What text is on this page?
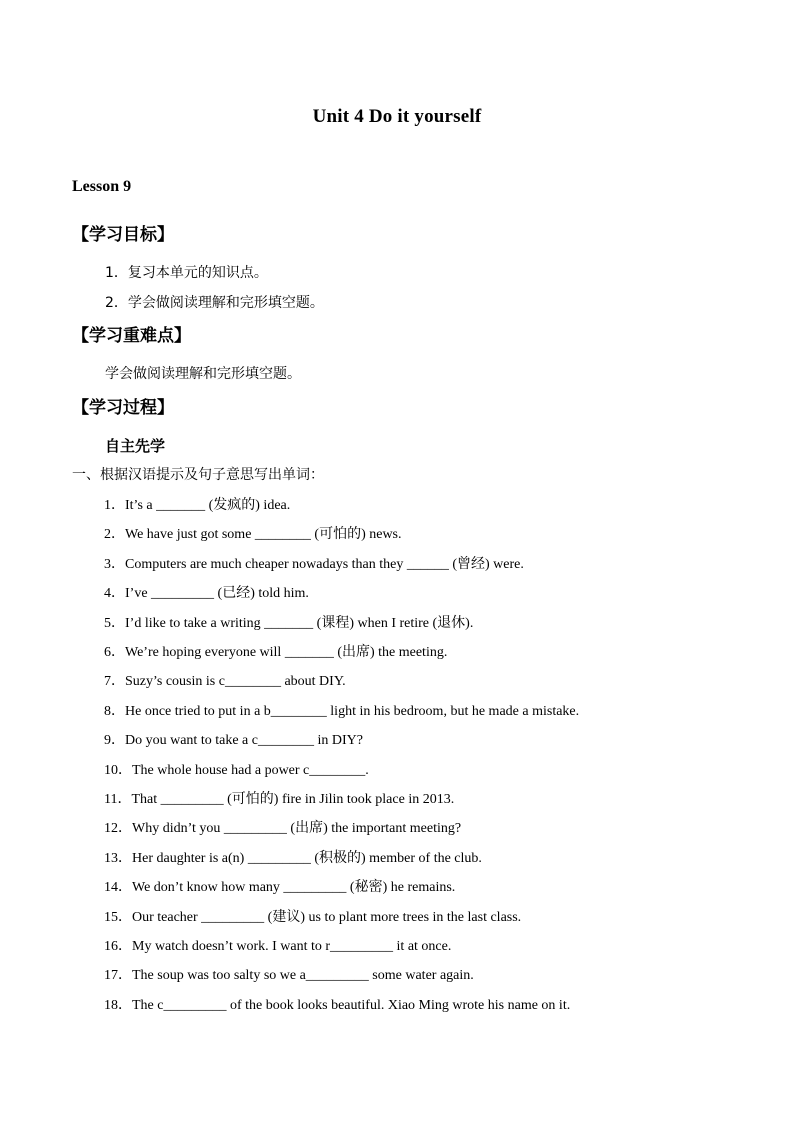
Unit 4 Do it yourself
Lesson 9
【学习目标】
1．复习本单元的知识点。
2．学会做阅读理解和完形填空题。
【学习重难点】
学会做阅读理解和完形填空题。
【学习过程】
自主先学
一、根据汉语提示及句子意思写出单词：
1．It’s a _______ (发疯的) idea.
2．We have just got some ________ (可怕的) news.
3．Computers are much cheaper nowadays than they ______ (曾经) were.
4．I’ve _________ (已经) told him.
5．I’d like to take a writing _______ (课程) when I retire (退休).
6．We’re hoping everyone will _______ (出席) the meeting.
7．Suzy’s cousin is c________ about DIY.
8．He once tried to put in a b________ light in his bedroom, but he made a mistake.
9．Do you want to take a c________ in DIY?
10．The whole house had a power c________.
11．That _________ (可怕的) fire in Jilin took place in 2013.
12．Why didn’t you _________ (出席) the important meeting?
13．Her daughter is a(n) _________ (积极的) member of the club.
14．We don’t know how many _________ (秘密) he remains.
15．Our teacher _________ (建议) us to plant more trees in the last class.
16．My watch doesn’t work. I want to r_________ it at once.
17．The soup was too salty so we a_________ some water again.
18．The c_________ of the book looks beautiful. Xiao Ming wrote his name on it.
